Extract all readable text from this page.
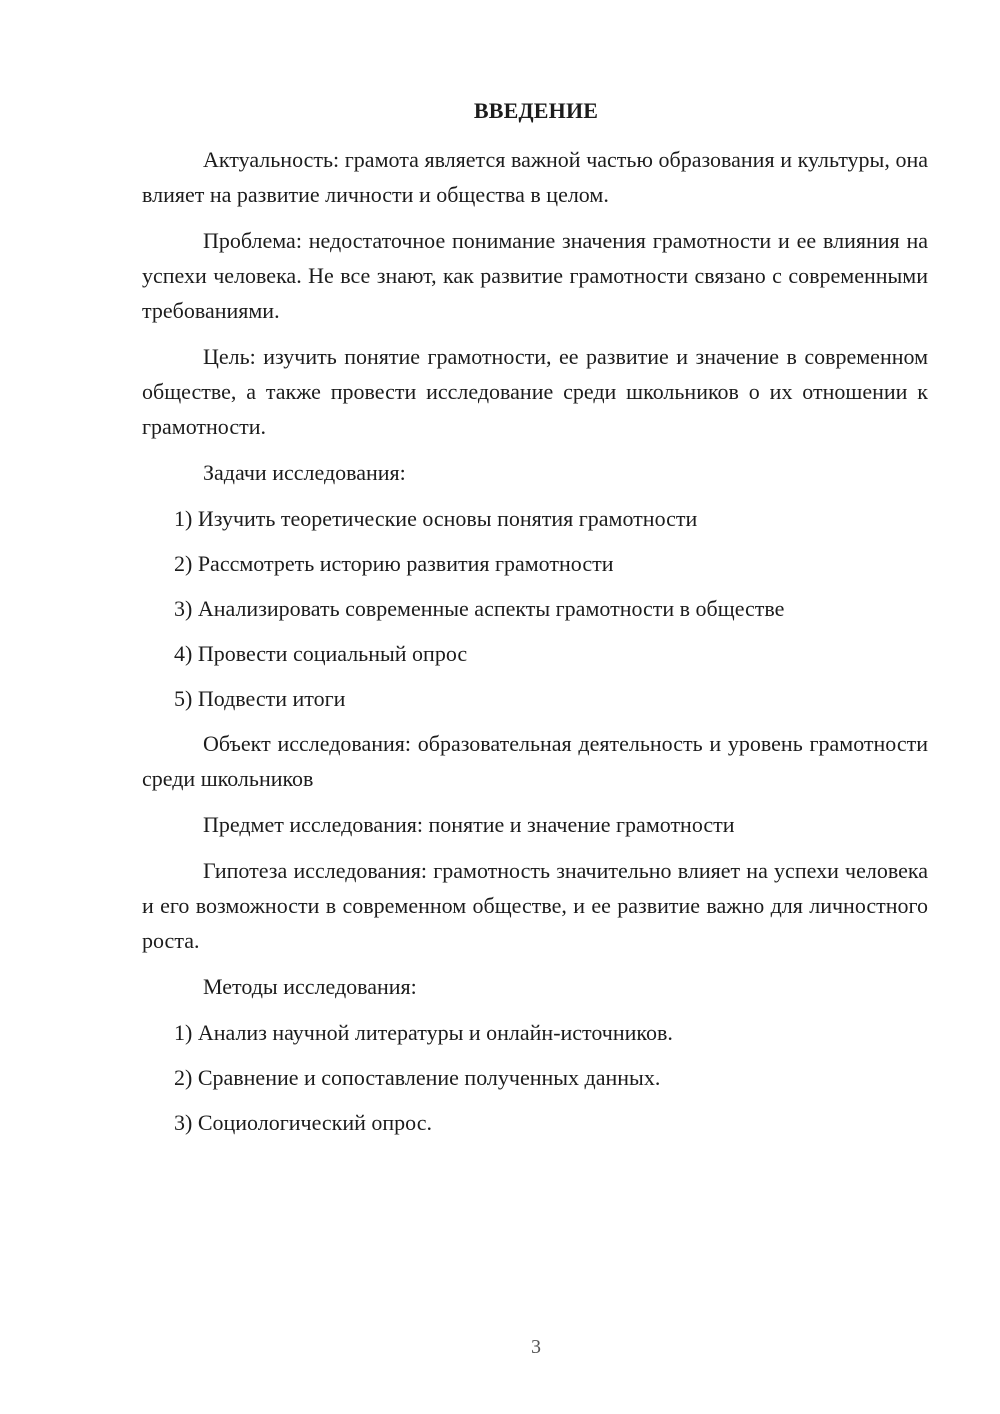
ВВЕДЕНИЕ

Актуальность: грамота является важной частью образования и культуры, она влияет на развитие личности и общества в целом.

Проблема: недостаточное понимание значения грамотности и ее влияния на успехи человека. Не все знают, как развитие грамотности связано с современными требованиями.

Цель: изучить понятие грамотности, ее развитие и значение в современном обществе, а также провести исследование среди школьников о их отношении к грамотности.

Задачи исследования:

1) Изучить теоретические основы понятия грамотности

2) Рассмотреть историю развития грамотности

3) Анализировать современные аспекты грамотности в обществе

4) Провести социальный опрос

5) Подвести итоги

Объект исследования: образовательная деятельность и уровень грамотности среди школьников

Предмет исследования: понятие и значение грамотности

Гипотеза исследования: грамотность значительно влияет на успехи человека и его возможности в современном обществе, и ее развитие важно для личностного роста.

Методы исследования:

1) Анализ научной литературы и онлайн-источников.

2) Сравнение и сопоставление полученных данных.

3) Социологический опрос.

3
